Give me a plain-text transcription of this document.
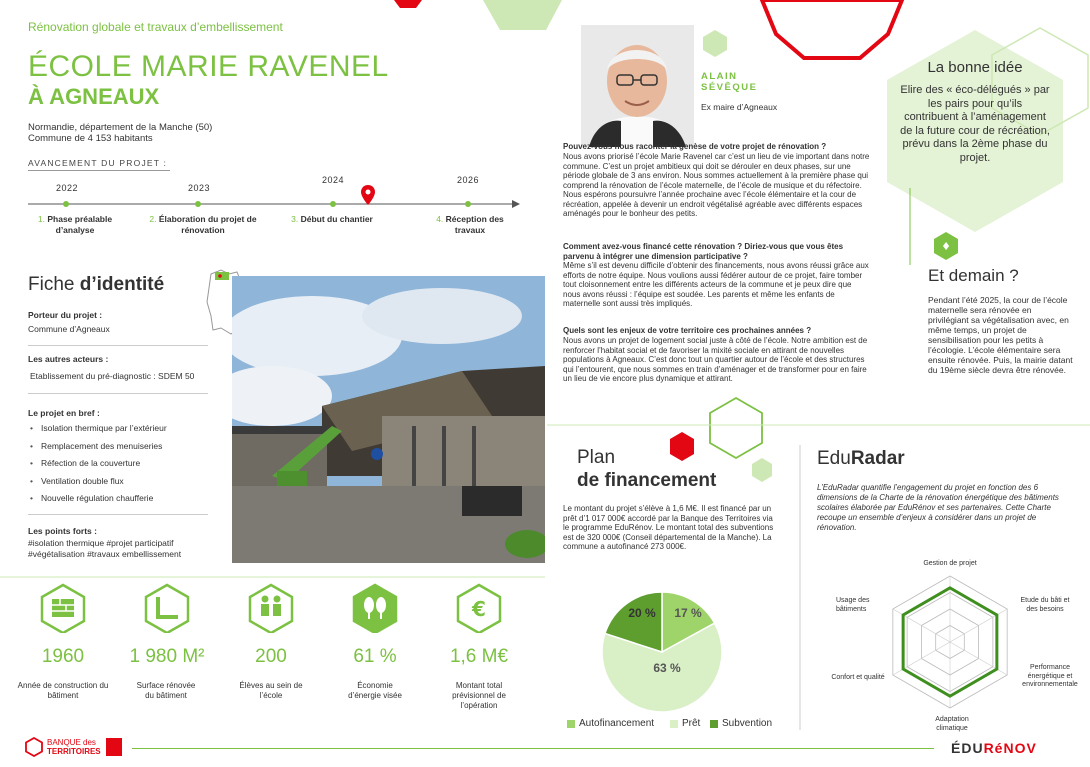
♦
Rénovation globale et travaux d’embellissement
ÉCOLE MARIE RAVENEL
À AGNEAUX
Normandie, département de la Manche (50)
Commune de 4 153 habitants
AVANCEMENT DU PROJET :
2022	2023
2024	2026
1. Phase préalable d’analyse
2. Élaboration du projet de rénovation
3. Début du chantier	4. Réception des travaux
Fiche d’identité
Porteur du projet :
Commune d’Agneaux
Les autres acteurs :
Etablissement du pré-diagnostic : SDEM 50
Le projet en bref :
• Isolation thermique par l’extérieur
• Remplacement des menuiseries
• Réfection de la couverture
• Ventilation double flux
• Nouvelle régulation chaufferie
Les points forts :
#isolation thermique #projet participatif
#végétalisation #travaux embellissement
€
1960	1 980 M²	200	61 %	1,6 M€
Année de construction du bâtiment
Surface rénovée du bâtiment
Élèves au sein de l’école
Économie d’énergie visée
Montant total prévisionnel de l’opération
ALAIN
SÉVÊQUE
Ex maire d’Agneaux
Pouvez-vous nous raconter la genèse de votre projet de rénovation ?
Nous avons priorisé l’école Marie Ravenel car c’est un lieu de vie important dans notre commune. C’est un projet ambitieux qui doit se dérouler en deux phases, sur une période globale de 3 ans environ. Nous sommes actuellement à la première phase qui comprend la rénovation de l’école maternelle, de l’école de musique et du réfectoire. Nous espérons poursuivre l’année prochaine avec l’école élémentaire et la cour de récréation, appelée à devenir un endroit végétalisé agréable avec différents espaces aménagés pour le bonheur des petits.
Comment avez-vous financé cette rénovation ? Diriez-vous que vous êtes parvenu à intégrer une dimension participative ?
Même s’il est devenu difficile d’obtenir des financements, nous avons réussi grâce aux efforts de notre équipe. Nous voulions aussi fédérer autour de ce projet, faire tomber tout cloisonnement entre les différents acteurs de la commune et je peux dire que nous avons réussi : l’équipe est soudée. Les parents et même les enfants de maternelle sont aussi très impliqués.
Quels sont les enjeux de votre territoire ces prochaines années ?
Nous avons un projet de logement social juste à côté de l’école. Notre ambition est de renforcer l’habitat social et de favoriser la mixité sociale en attirant de nouvelles populations à Agneaux. C’est donc tout un quartier autour de l’école et des structures qui l’entourent, que nous sommes en train d’aménager et de transformer pour en faire un lieu de vie encore plus dynamique et attirant.
La bonne idée
Elire des « éco-délégués » par les pairs pour qu’ils contribuent à l’aménagement de la future cour de récréation, prévu dans la 2ème phase du projet.
Et demain ?
Pendant l’été 2025, la cour de l’école maternelle sera rénovée en privilégiant sa végétalisation avec, en même temps, un projet de sensibilisation pour les petits à l’écologie. L’école élémentaire sera ensuite rénovée. Puis, la mairie datant du 19ème siècle devra être rénovée.
Plan
de financement
Le montant du projet s’élève à 1,6 M€. Il est financé par un prêt d’1 017 000€ accordé par la Banque des Territoires via le programme EduRénov. Le montant total des subventions est de 320 000€ (Conseil départemental de la Manche). La commune a autofinancé 273 000€.
63 %
17 %
20 %
Autofinancement	Prêt Subvention
EduRadar
L’EduRadar quantifie l’engagement du projet en fonction des 6 dimensions de la Charte de la rénovation énergétique des bâtiments scolaires élaborée par EduRénov et ses partenaires. Cette Charte recoupe un ensemble d’enjeux à considérer dans un projet de rénovation.
Gestion de projet
Etude du bâti et
des besoins
Performance
énergétique et
environnementale
Adaptation
climatique
Confort et qualité
Usage des
bâtiments
BANQUE des
TERRITOIRES	ÉDURéNOV
